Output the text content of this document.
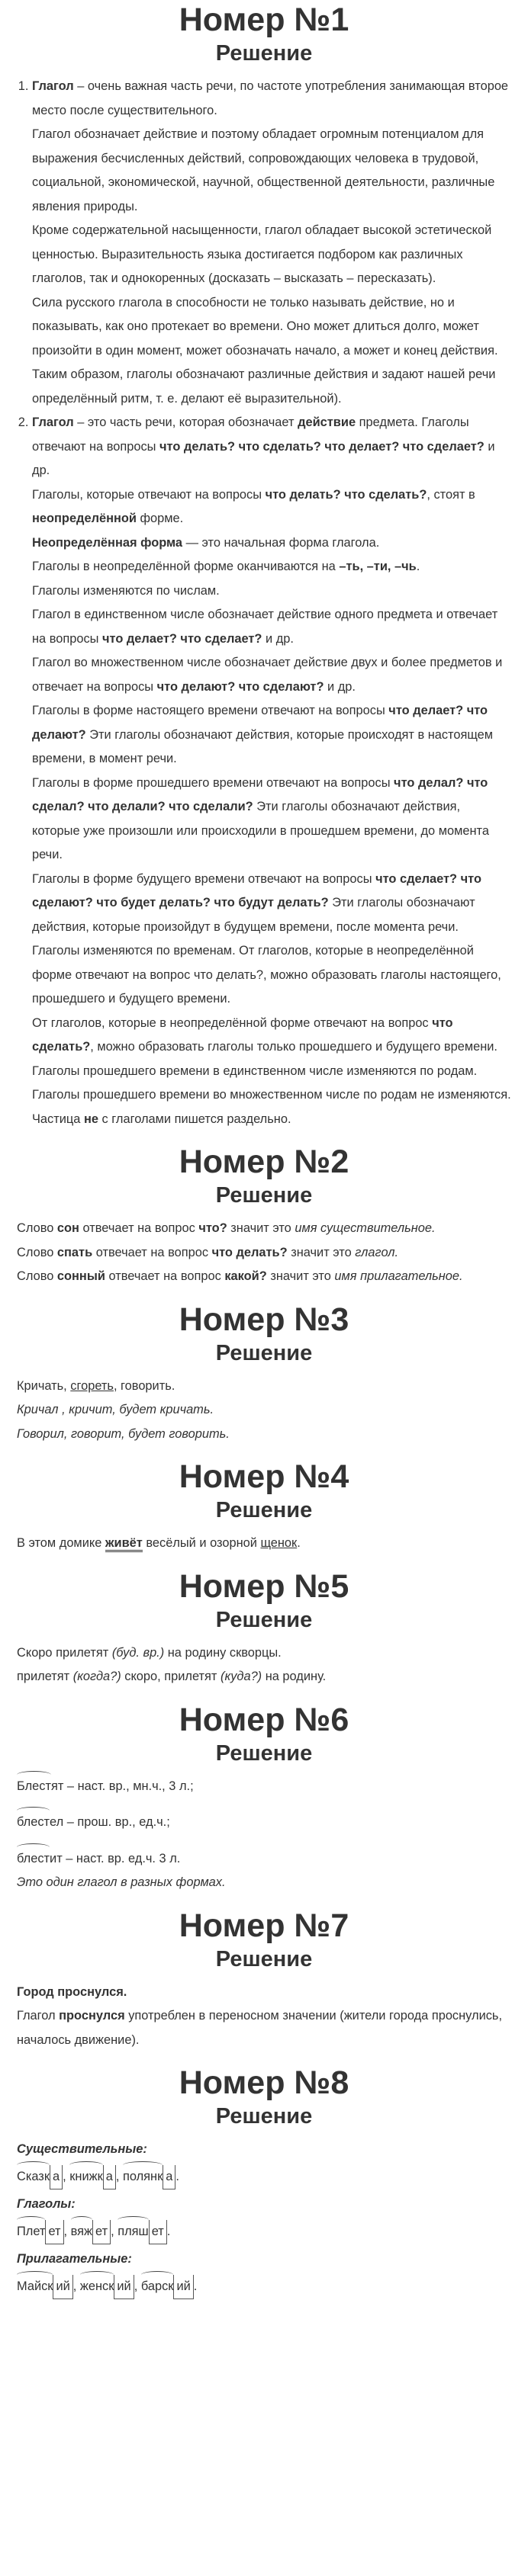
Номер №1
Решение
1. Глагол – очень важная часть речи, по частоте употребления занимающая второе место после существительного.
Глагол обозначает действие и поэтому обладает огромным потенциалом для выражения бесчисленных действий, сопровождающих человека в трудовой, социальной, экономической, научной, общественной деятельности, различные явления природы.
Кроме содержательной насыщенности, глагол обладает высокой эстетической ценностью. Выразительность языка достигается подбором как различных глаголов, так и однокоренных (досказать – высказать – пересказать).
Сила русского глагола в способности не только называть действие, но и показывать, как оно протекает во времени. Оно может длиться долго, может произойти в один момент, может обозначать начало, а может и конец действия.
Таким образом, глаголы обозначают различные действия и задают нашей речи определённый ритм, т. е. делают её выразительной).
2. Глагол – это часть речи, которая обозначает действие предмета. Глаголы отвечают на вопросы что делать? что сделать? что делает? что сделает? и др.
Глаголы, которые отвечают на вопросы что делать? что сделать?, стоят в неопределённой форме.
Неопределённая форма — это начальная форма глагола.
Глаголы в неопределённой форме оканчиваются на –ть, –ти, –чь.
Глаголы изменяются по числам.
Глагол в единственном числе обозначает действие одного предмета и отвечает на вопросы что делает? что сделает? и др.
Глагол во множественном числе обозначает действие двух и более предметов и отвечает на вопросы что делают? что сделают? и др.
Глаголы в форме настоящего времени отвечают на вопросы что делает? что делают? Эти глаголы обозначают действия, которые происходят в настоящем времени, в момент речи.
Глаголы в форме прошедшего времени отвечают на вопросы что делал? что сделал? что делали? что сделали? Эти глаголы обозначают действия, которые уже произошли или происходили в прошедшем времени, до момента речи.
Глаголы в форме будущего времени отвечают на вопросы что сделает? что сделают? что будет делать? что будут делать? Эти глаголы обозначают действия, которые произойдут в будущем времени, после момента речи.
Глаголы изменяются по временам. От глаголов, которые в неопределённой форме отвечают на вопрос что делать?, можно образовать глаголы настоящего, прошедшего и будущего времени.
От глаголов, которые в неопределённой форме отвечают на вопрос что сделать?, можно образовать глаголы только прошедшего и будущего времени.
Глаголы прошедшего времени в единственном числе изменяются по родам.
Глаголы прошедшего времени во множественном числе по родам не изменяются.
Частица не с глаголами пишется раздельно.
Номер №2
Решение

Слово сон отвечает на вопрос что? значит это имя существительное.

Слово спать отвечает на вопрос что делать? значит это глагол.

Слово сонный отвечает на вопрос какой? значит это имя прилагательное.

Номер №3
Решение

Кричать, сгореть, говорить.

Кричал , кричит, будет кричать.

Говорил, говорит, будет говорить.

Номер №4
Решение

В этом домике живёт весёлый и озорной щенок.

Номер №5
Решение

Скоро прилетят (буд. вр.) на родину скворцы.

прилетят (когда?) скоро, прилетят (куда?) на родину.

Номер №6
Решение

Блестят – наст. вр., мн.ч., 3 л.;

блестел – прош. вр., ед.ч.;

блестит – наст. вр. ед.ч. 3 л.

Это один глагол в разных формах.

Номер №7
Решение

Город проснулся.

Глагол проснулся употреблен в переносном значении (жители города проснулись, началось движение).

Номер №8
Решение

Существительные:

Сказк а , книжк а , полянк а .

Глаголы:

Плет ет , вяж ет , пляш ет .

Прилагательные:

Майск ий , женск ий , барск ий .
